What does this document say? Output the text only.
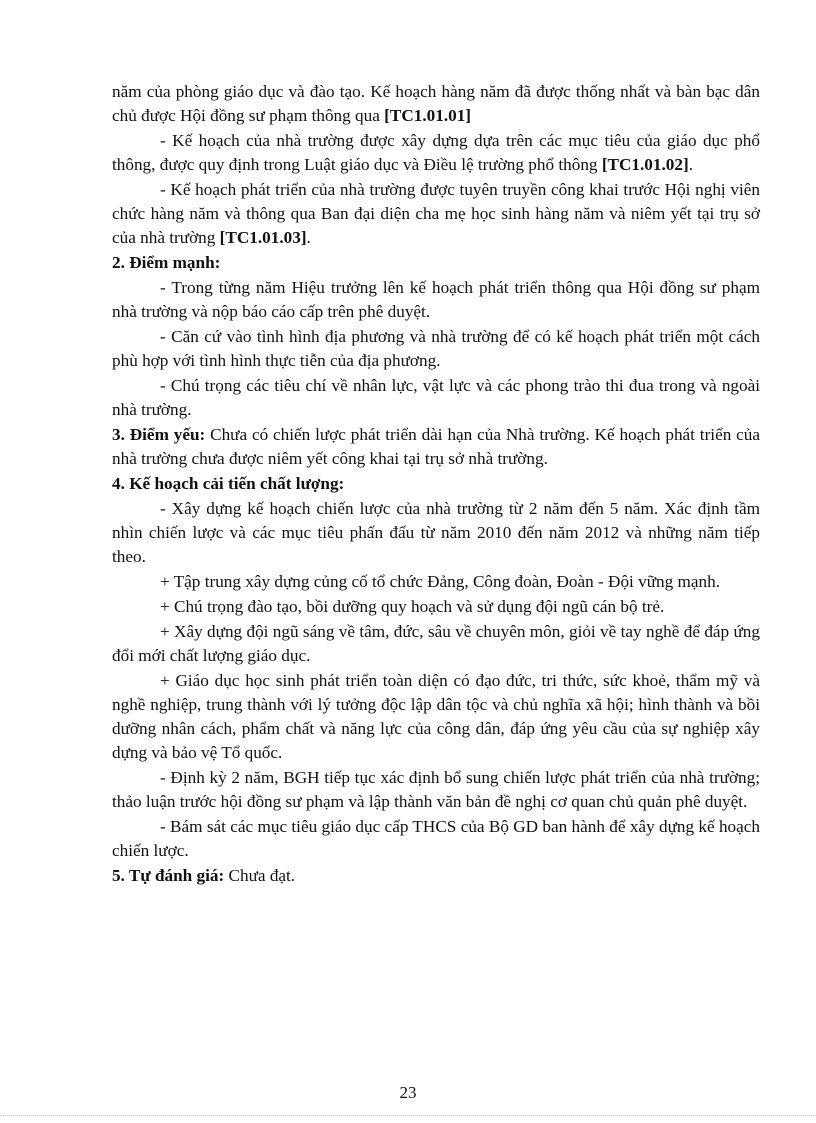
năm của phòng giáo dục và đào tạo. Kế hoạch hàng năm đã được thống nhất và bàn bạc dân chủ được Hội đồng sư phạm thông qua [TC1.01.01]

- Kế hoạch của nhà trường được xây dựng dựa trên các mục tiêu của giáo dục phổ thông, được quy định trong Luật giáo dục và Điều lệ trường phổ thông [TC1.01.02].

- Kế hoạch phát triển của nhà trường được tuyên truyền công khai trước Hội nghị viên chức hàng năm và thông qua Ban đại diện cha mẹ học sinh hàng năm và niêm yết tại trụ sở của nhà trường [TC1.01.03].

2. Điểm mạnh:

- Trong từng năm Hiệu trưởng lên kế hoạch phát triển thông qua Hội đồng sư phạm nhà trường và nộp báo cáo cấp trên phê duyệt.

- Căn cứ vào tình hình địa phương và nhà trường để có kế hoạch phát triển một cách phù hợp với tình hình thực tiễn của địa phương.

- Chú trọng các tiêu chí về nhân lực, vật lực và các phong trào thi đua trong và ngoài nhà trường.

3. Điểm yếu: Chưa có chiến lược phát triển dài hạn của Nhà trường. Kế hoạch phát triển của nhà trường chưa được niêm yết công khai tại trụ sở nhà trường.

4. Kế hoạch cải tiến chất lượng:

- Xây dựng kế hoạch chiến lược của nhà trường từ 2 năm đến 5 năm. Xác định tầm nhìn chiến lược và các mục tiêu phấn đấu từ năm 2010 đến năm 2012 và những năm tiếp theo.

+ Tập trung xây dựng củng cố tổ chức Đảng, Công đoàn, Đoàn - Đội vững mạnh.

+ Chú trọng đào tạo, bồi dưỡng quy hoạch và sử dụng đội ngũ cán bộ trẻ.

+ Xây dựng đội ngũ sáng về tâm, đức, sâu về chuyên môn, giỏi về tay nghề để đáp ứng đổi mới chất lượng giáo dục.

+ Giáo dục học sinh phát triển toàn diện có đạo đức, tri thức, sức khoẻ, thẩm mỹ và nghề nghiệp, trung thành với lý tưởng độc lập dân tộc và chủ nghĩa xã hội; hình thành và bồi dưỡng nhân cách, phẩm chất và năng lực của công dân, đáp ứng yêu cầu của sự nghiệp xây dựng và bảo vệ Tổ quốc.

- Định kỳ 2 năm, BGH tiếp tục xác định bổ sung chiến lược phát triển của nhà trường; thảo luận trước hội đồng sư phạm và lập thành văn bản đề nghị cơ quan chủ quản phê duyệt.

- Bám sát các mục tiêu giáo dục cấp THCS của Bộ GD ban hành để xây dựng kế hoạch chiến lược.

5. Tự đánh giá: Chưa đạt.

23
